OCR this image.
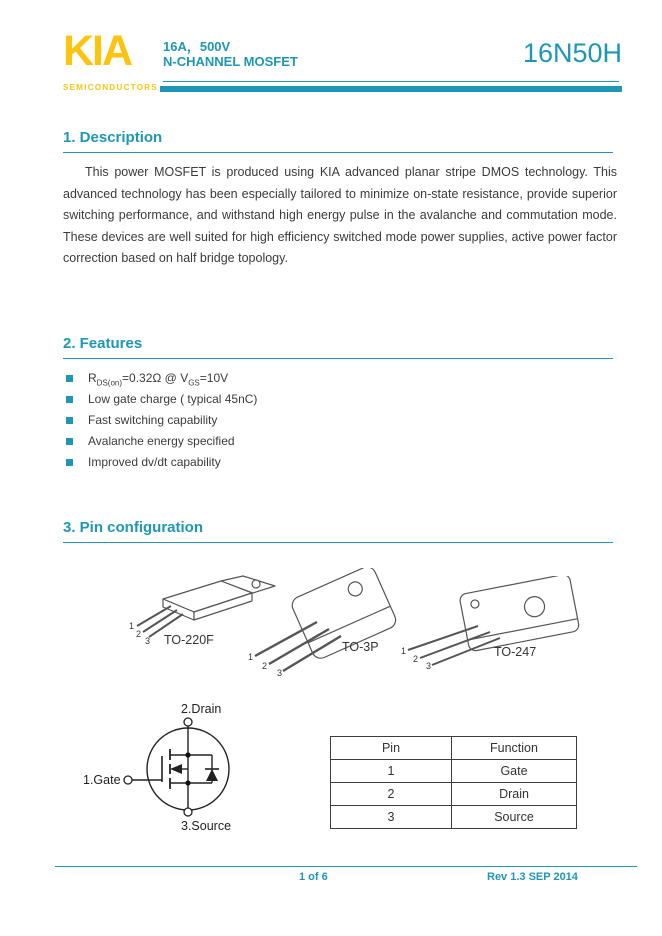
KIA
SEMICONDUCTORS
16A，500V
N-CHANNEL MOSFET	16N50H
1. Description
This power MOSFET is produced using KIA advanced planar stripe DMOS technology. This advanced technology has been especially tailored to minimize on-state resistance, provide superior switching performance, and withstand high energy pulse in the avalanche and commutation mode. These devices are well suited for high efficiency switched mode power supplies, active power factor correction based on half bridge topology.
2. Features
$R_{DS(on)}=0.32\Omega$ @ $V_{GS}=10V$
Low gate charge ( typical 45nC)
Fast switching capability
Avalanche energy specified
Improved dv/dt capability
3. Pin configuration
1
2
3 TO-220F
1
2
3
TO-3P 1
2
3
TO-247
2.Drain
1.Gate
3.Source
Pin	Function
1	Gate
2	Drain
3	Source
1 of 6	Rev 1.3 SEP 2014
